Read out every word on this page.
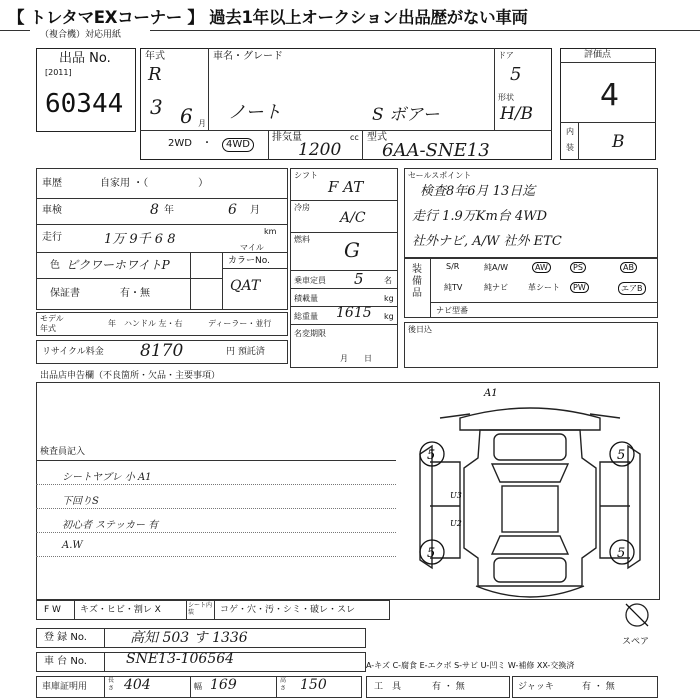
【 トレタマEXコーナー 】 過去1年以上オークション出品歴がない車両
（複合機）対応用紙
出品 No.
[2011]
60344
年式
R
3 6 月
車名・グレード
ノート	S ボアー
ドア
5
形状
H/B
2WD ・	4WD
排気量	cc
1200
型式
6AA-SNE13
評価点
4
内
装 B
車歴	自家用 ・（　　　　　）
車検	8 年	6 月
走行	1万 9千 6 8
km
マイル
色 ピクワーホワイトP	カラーNo.
QAT
保証書	有・無
モデル
年式
年 ハンドル 左・右	ディーラー・並行
リサイクル料金 8170	円 預託済
シフト
F AT
冷房
A/C
燃料 G
乗車定員 5	名
積載量	kg
総重量 1615 kg
名変期限
月　　日
セールスポイント
検査8年6月 13日迄
走行 1.9万Km台 4WD
社外ナビ, A/W 社外 ETC
装備品
S/R	純A/W	AW	PS	AB
純TV	純ナビ	革シート	PW	エアB
ナビ型番
後日込
出品店申告欄（不良箇所・欠品・主要事項）
検査員記入
シートヤブレ 小 A1
下回りS
初心者 ステッカー 有
A.W
5	5
5	5
A1
U3
U2
スペア
F W キズ・ヒビ・割レ X	シート内装	コゲ・穴・汚・シミ・破レ・スレ
登 録 No.	高知 503 す 1336
車 台 No.	SNE13-106564
車庫証明用
長さ 404	幅 169	高さ 150
A-キズ C-腐食 E-エクボ S-サビ U-凹ミ W-補修 XX-交換済
工　具	有 ・ 無	ジャッキ	有 ・ 無
